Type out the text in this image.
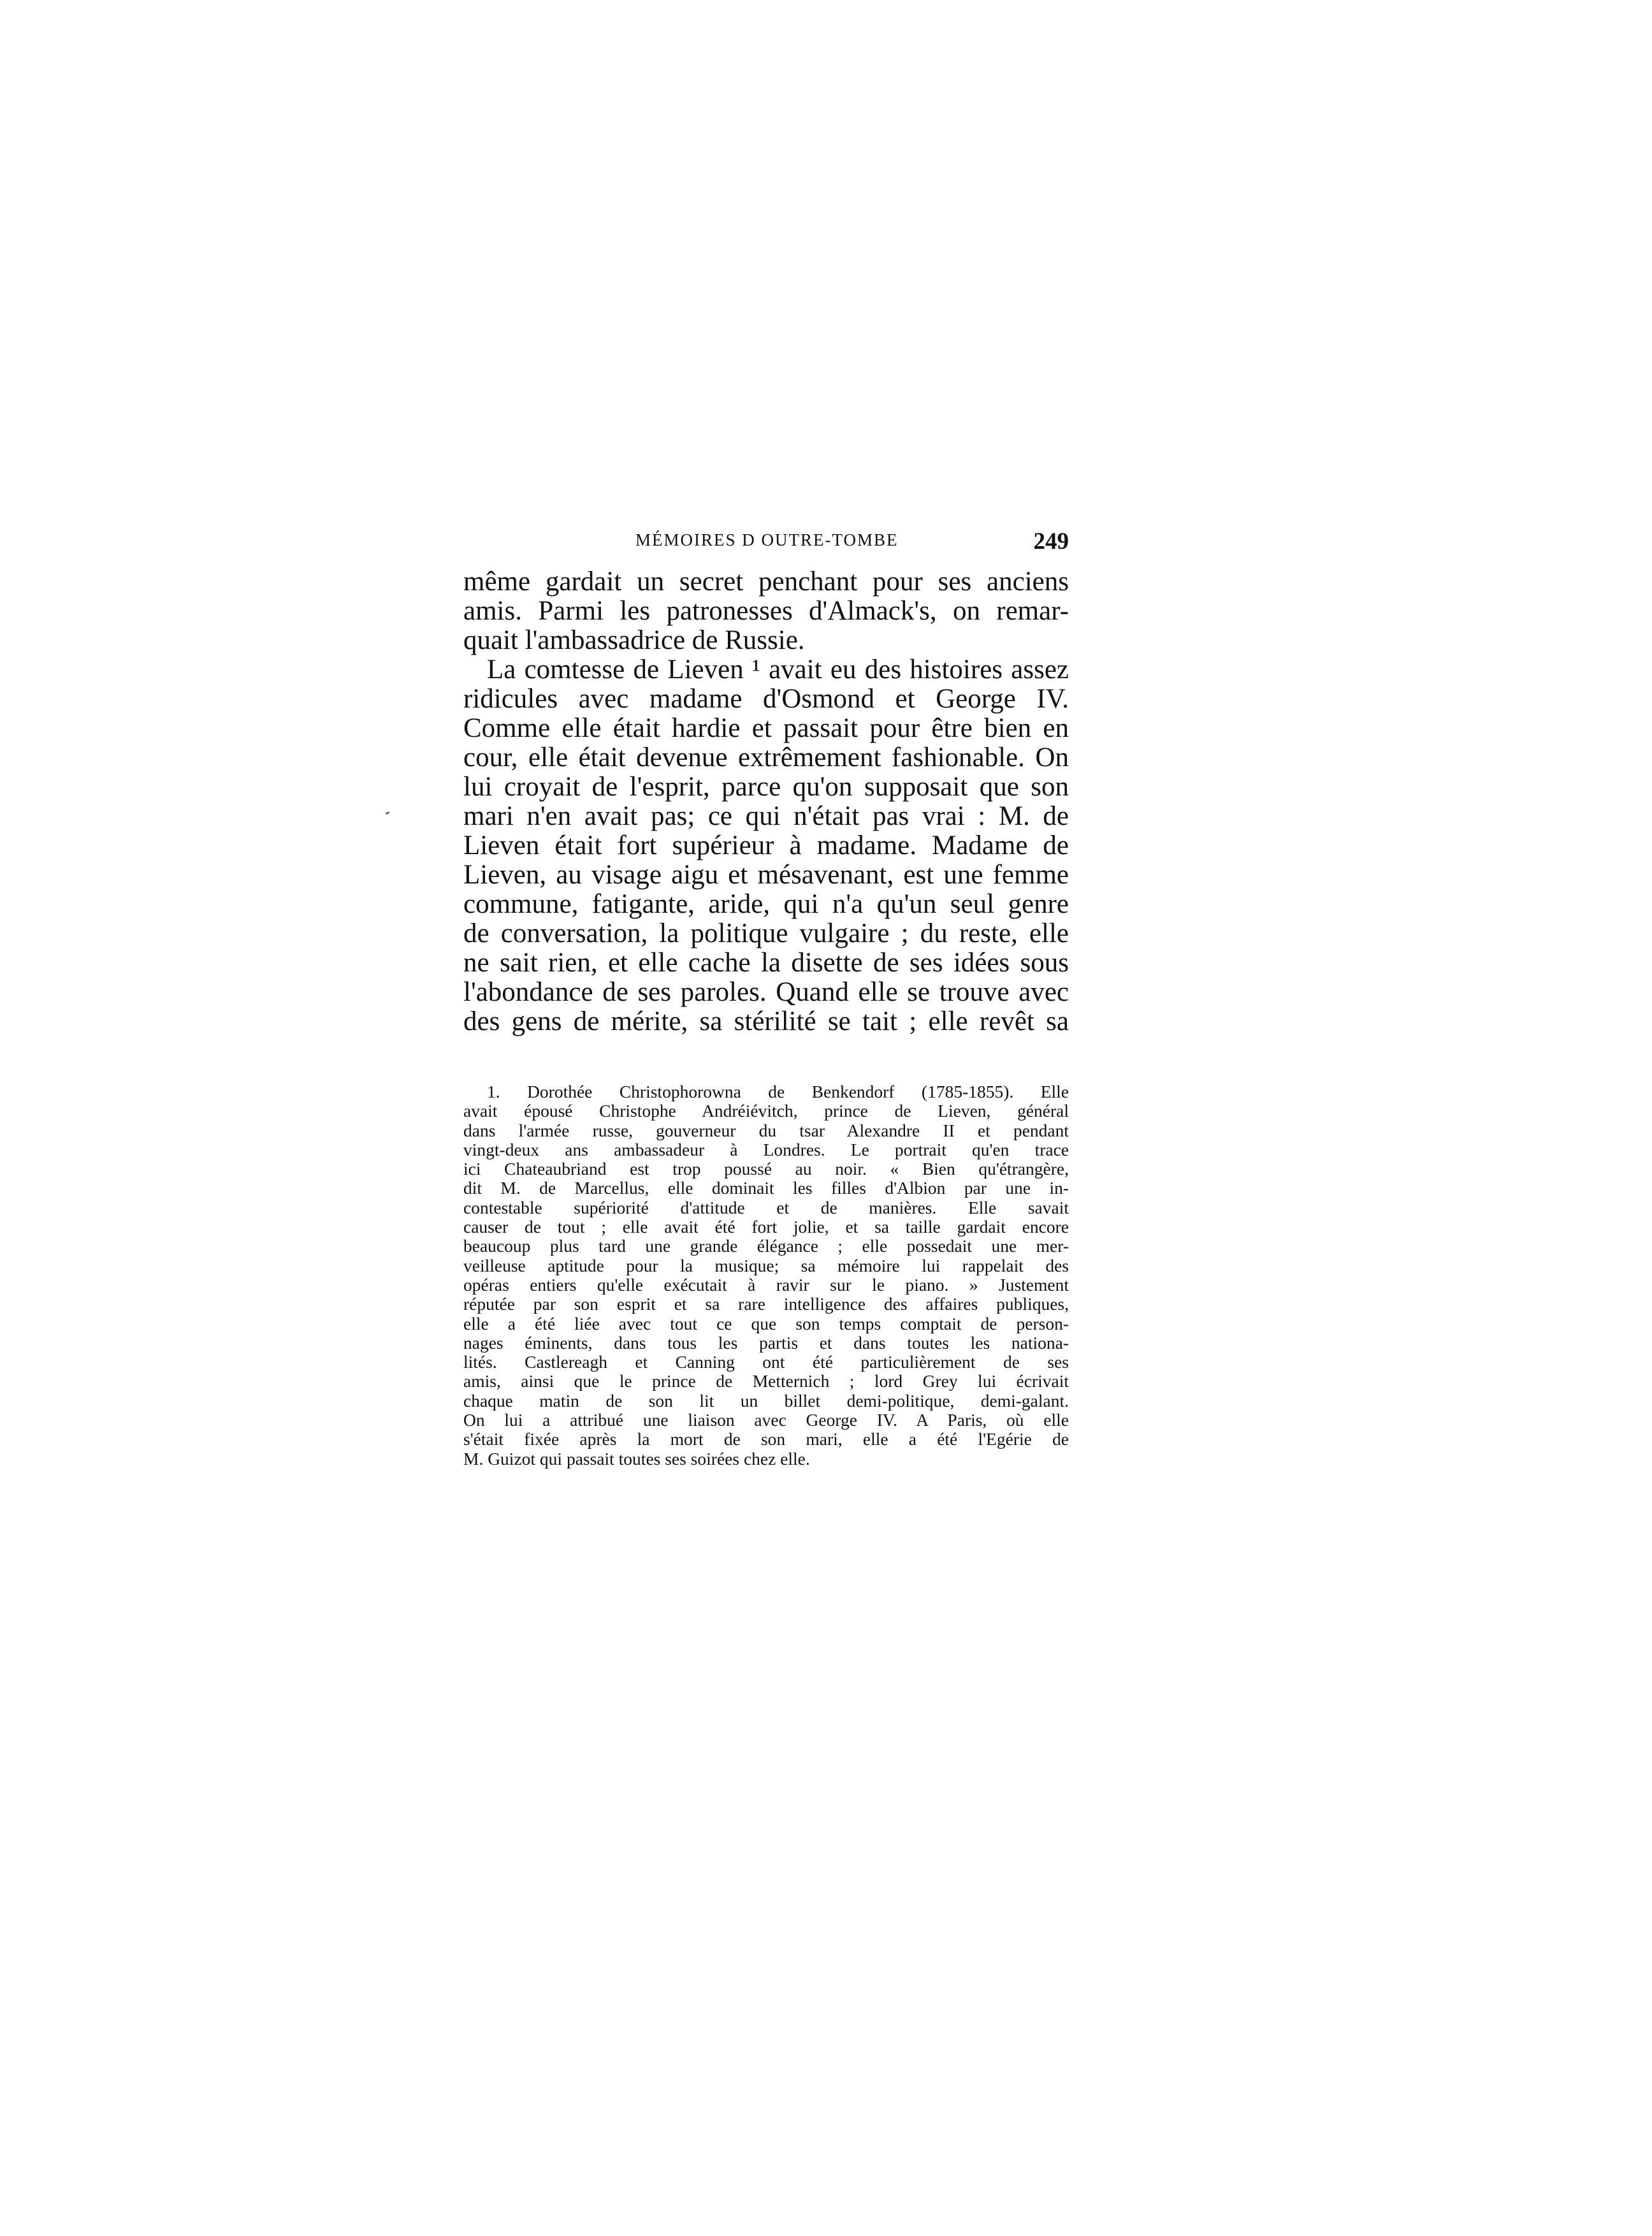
MÉMOIRES D OUTRE-TOMBE	249
même gardait un secret penchant pour ses anciens
amis. Parmi les patronesses d'Almack's, on remar-
quait l'ambassadrice de Russie.
La comtesse de Lieven ¹ avait eu des histoires assez
ridicules avec madame d'Osmond et George IV.
Comme elle était hardie et passait pour être bien en
cour, elle était devenue extrêmement fashionable. On
lui croyait de l'esprit, parce qu'on supposait que son
mari n'en avait pas; ce qui n'était pas vrai : M. de
Lieven était fort supérieur à madame. Madame de
Lieven, au visage aigu et mésavenant, est une femme
commune, fatigante, aride, qui n'a qu'un seul genre
de conversation, la politique vulgaire ; du reste, elle
ne sait rien, et elle cache la disette de ses idées sous
l'abondance de ses paroles. Quand elle se trouve avec
des gens de mérite, sa stérilité se tait ; elle revêt sa
1. Dorothée Christophorowna de Benkendorf (1785-1855). Elle
avait épousé Christophe Andréiévitch, prince de Lieven, général
dans l'armée russe, gouverneur du tsar Alexandre II et pendant
vingt-deux ans ambassadeur à Londres. Le portrait qu'en trace
ici Chateaubriand est trop poussé au noir. « Bien qu'étrangère,
dit M. de Marcellus, elle dominait les filles d'Albion par une in-
contestable supériorité d'attitude et de manières. Elle savait
causer de tout ; elle avait été fort jolie, et sa taille gardait encore
beaucoup plus tard une grande élégance ; elle possedait une mer-
veilleuse aptitude pour la musique; sa mémoire lui rappelait des
opéras entiers qu'elle exécutait à ravir sur le piano. » Justement
réputée par son esprit et sa rare intelligence des affaires publiques,
elle a été liée avec tout ce que son temps comptait de person-
nages éminents, dans tous les partis et dans toutes les nationa-
lités. Castlereagh et Canning ont été particulièrement de ses
amis, ainsi que le prince de Metternich ; lord Grey lui écrivait
chaque matin de son lit un billet demi-politique, demi-galant.
On lui a attribué une liaison avec George IV. A Paris, où elle
s'était fixée après la mort de son mari, elle a été l'Egérie de
M. Guizot qui passait toutes ses soirées chez elle.
